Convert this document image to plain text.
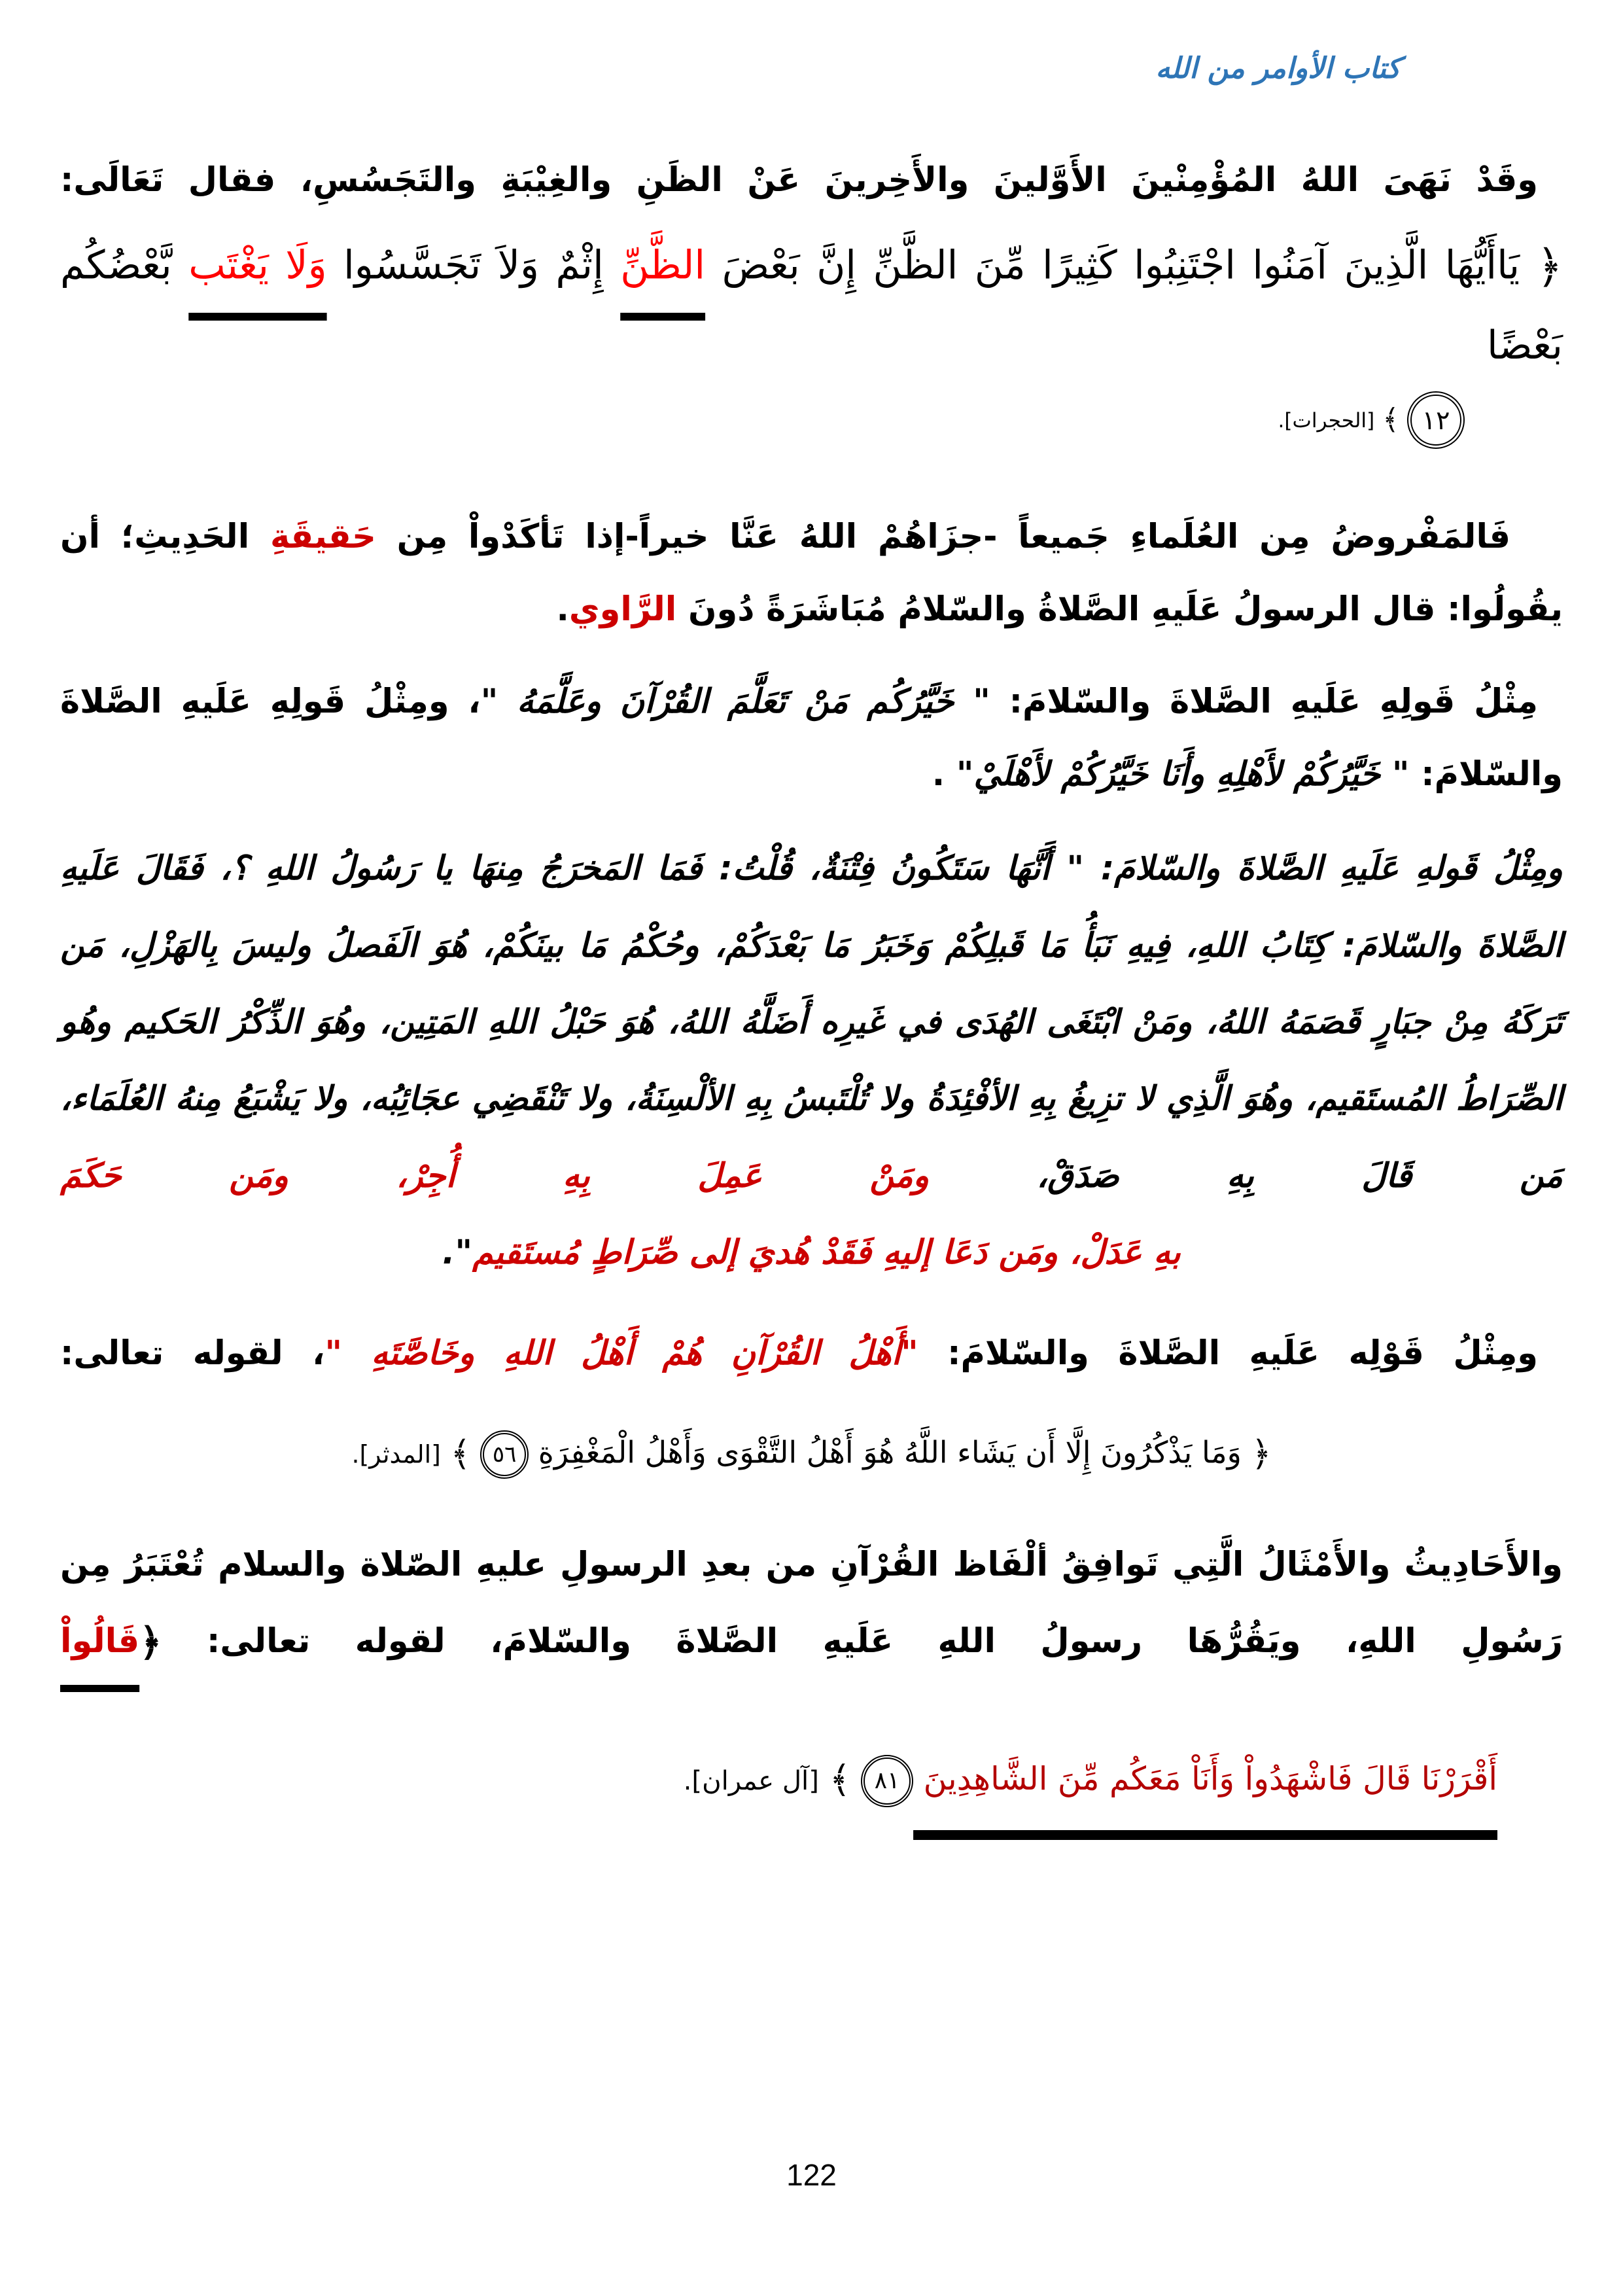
كتاب الأوامر من الله

وقَدْ نَهَىَ اللهُ المُؤْمِنْينَ الأَوَّلينَ والأَخِرينَ عَنْ الظَنِ والغِيْبَةِ والتَجَسُسِ، فقال تَعَالَى:

﴿ يَاأَيُّهَا الَّذِينَ آمَنُوا اجْتَنِبُوا كَثِيرًا مِّنَ الظَّنِّ إِنَّ بَعْضَ الظَّنِّ إِثْمٌ وَلاَ تَجَسَّسُوا وَلَا يَغْتَب بَّعْضُكُم بَعْضًا
١٢ ﴾ [الحجرات].

فَالمَفْروضُ مِن العُلَماءِ جَميعاً -جزَاهُمْ اللهُ عَنَّا خيراً-إذا تَأكَدْواْ مِن حَقيقَةِ الحَدِيثِ؛ أن يقُولُوا: قال الرسولُ عَلَيهِ الصَّلاةُ والسّلامُ مُبَاشَرَةً دُونَ الرَّاوي.

مِثْلُ قَولِهِ عَلَيهِ الصَّلاةَ والسّلامَ: " خَيَّرُكُم مَنْ تَعَلَّمَ القُرْآنَ وعَلَّمَهُ "، ومِثْلُ قَولِهِ عَلَيهِ الصَّلاةَ والسّلامَ: " خَيَّرُكُمْ لأَهْلِهِ وأَنَا خَيَّرُكُمْ لأَهْلَيْ" .

ومِثْلُ قَولهِ عَلَيهِ الصَّلاةَ والسّلامَ: " أَنَّهَا سَتَكُونُ فِتْنَةٌ، قُلْتُ: فَمَا المَخرَجُ مِنهَا يا رَسُولُ اللهِ ؟، فَقَالَ عَلَيهِ الصَّلاةَ والسّلامَ: كِتَابُ اللهِ، فِيهِ نَبَأُ مَا قَبلِكُمْ وَخَبَرُ مَا بَعْدَكُمْ، وحُكْمُ مَا بينَكُمْ، هُوَ الَفَصلُ وليسَ بِالهَزْلِ، مَن تَرَكَهُ مِنْ جبَارٍ قَصَمَهُ اللهُ، ومَنْ ابْتَغَى الهُدَى في غَيرِه أَضَلَّهُ اللهُ، هُوَ حَبْلُ اللهِ المَتِين، وهُوَ الذِّكْرُ الحَكيم وهُو الصِّرَاطُ المُستَقيم، وهُوَ الَّذِي لا تزِيغُ بِهِ الأفْئِدَةُ ولا تُلْتَبسُ بِهِ الألْسِنَةُ، ولا تَنْقَضِي عجَائِبُه، ولا يَشْبَعُ مِنهُ العُلَمَاء، مَن قَالَ بِهِ صَدَقْ، ومَنْ عَمِلَ بِهِ أُجِرْ، ومَن حَكَمَ

بهِ عَدَلْ، ومَن دَعَا إليهِ فَقَدْ هُديَ إلى صِّرَاطٍ مُستَقيم".

ومِثْلُ قَوْلِه عَلَيهِ الصَّلاةَ والسّلامَ: "أَهْلُ القُرْآنِ هُمْ أَهْلُ اللهِ وخَاصَّتَهِ "، لقوله تعالى:

﴿ وَمَا يَذْكُرُونَ إِلَّا أَن يَشَاء اللَّهُ هُوَ أَهْلُ التَّقْوَى وَأَهْلُ الْمَغْفِرَةِ ٥٦ ﴾ [المدثر].

والأَحَادِيثُ والأَمْثَالُ الَّتِي تَوافِقُ ألْفَاظ القُرْآنِ من بعدِ الرسولِ عليهِ الصّلاة والسلام تُعْتَبَرُ مِن رَسُولِ اللهِ، ويَقُرُّهَا رسولُ اللهِ عَلَيهِ الصَّلاةَ والسّلامَ، لقوله تعالى: ﴿قَالُواْ

أَقْرَرْنَا قَالَ فَاشْهَدُواْ وَأَنَاْ مَعَكُم مِّنَ الشَّاهِدِينَ ٨١ ﴾ [آل عمران].
122
